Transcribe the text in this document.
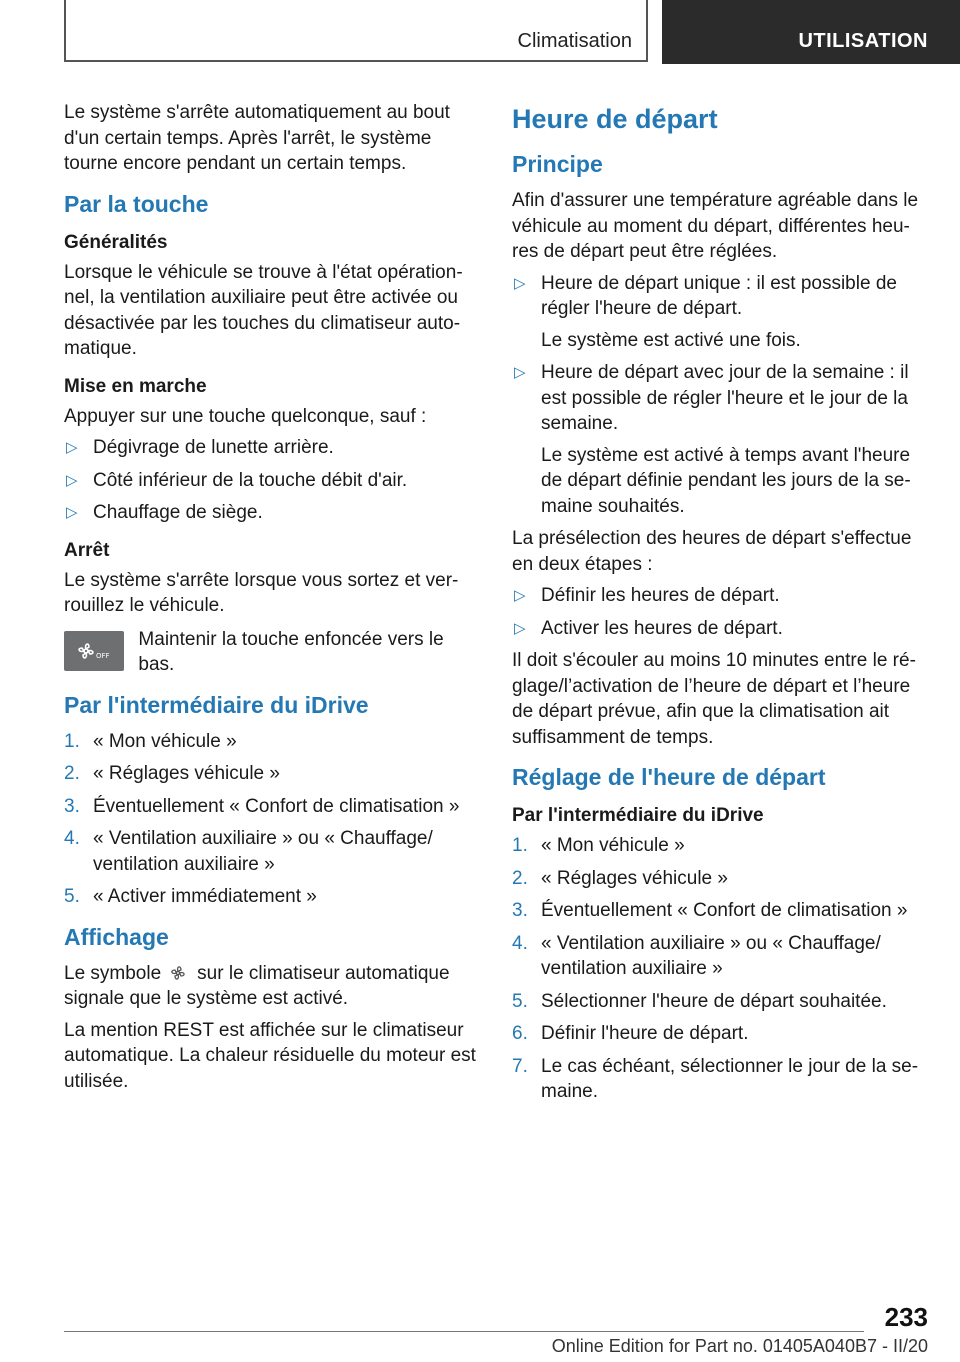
Climatisation	UTILISATION

Le système s'arrête automatiquement au bout d'un certain temps. Après l'arrêt, le système tourne encore pendant un certain temps.

Par la touche
Généralités

Lorsque le véhicule se trouve à l'état opérationnel, la ventilation auxiliaire peut être activée ou désactivée par les touches du climatiseur automatique.

Mise en marche

Appuyer sur une touche quelconque, sauf :

▷ Dégivrage de lunette arrière.
▷ Côté inférieur de la touche débit d'air.
▷ Chauffage de siège.
Arrêt

Le système s'arrête lorsque vous sortez et verrouillez le véhicule.

OFF

Maintenir la touche enfoncée vers le bas.

Par l'intermédiaire du iDrive
1. « Mon véhicule »
2. « Réglages véhicule »
3. Éventuellement « Confort de climatisation »
4. « Ventilation auxiliaire » ou « Chauffage/ ventilation auxiliaire »
5. « Activer immédiatement »
Affichage

Le symbole sur le climatiseur automatique signale que le système est activé.

La mention REST est affichée sur le climatiseur automatique. La chaleur résiduelle du moteur est utilisée.

Heure de départ
Principe

Afin d'assurer une température agréable dans le véhicule au moment du départ, différentes heures de départ peut être réglées.

▷ Heure de départ unique : il est possible de régler l'heure de départ.
Le système est activé une fois.
▷ Heure de départ avec jour de la semaine : il est possible de régler l'heure et le jour de la semaine.
Le système est activé à temps avant l'heure de départ définie pendant les jours de la semaine souhaités.

La présélection des heures de départ s'effectue en deux étapes :

▷ Définir les heures de départ.
▷ Activer les heures de départ.

Il doit s'écouler au moins 10 minutes entre le réglage/l’activation de l’heure de départ et l’heure de départ prévue, afin que la climatisation ait suffisamment de temps.

Réglage de l'heure de départ
Par l'intermédiaire du iDrive
1. « Mon véhicule »
2. « Réglages véhicule »
3. Éventuellement « Confort de climatisation »
4. « Ventilation auxiliaire » ou « Chauffage/ ventilation auxiliaire »
5. Sélectionner l'heure de départ souhaitée.
6. Définir l'heure de départ.
7. Le cas échéant, sélectionner le jour de la semaine.
233
Online Edition for Part no. 01405A040B7 - II/20
